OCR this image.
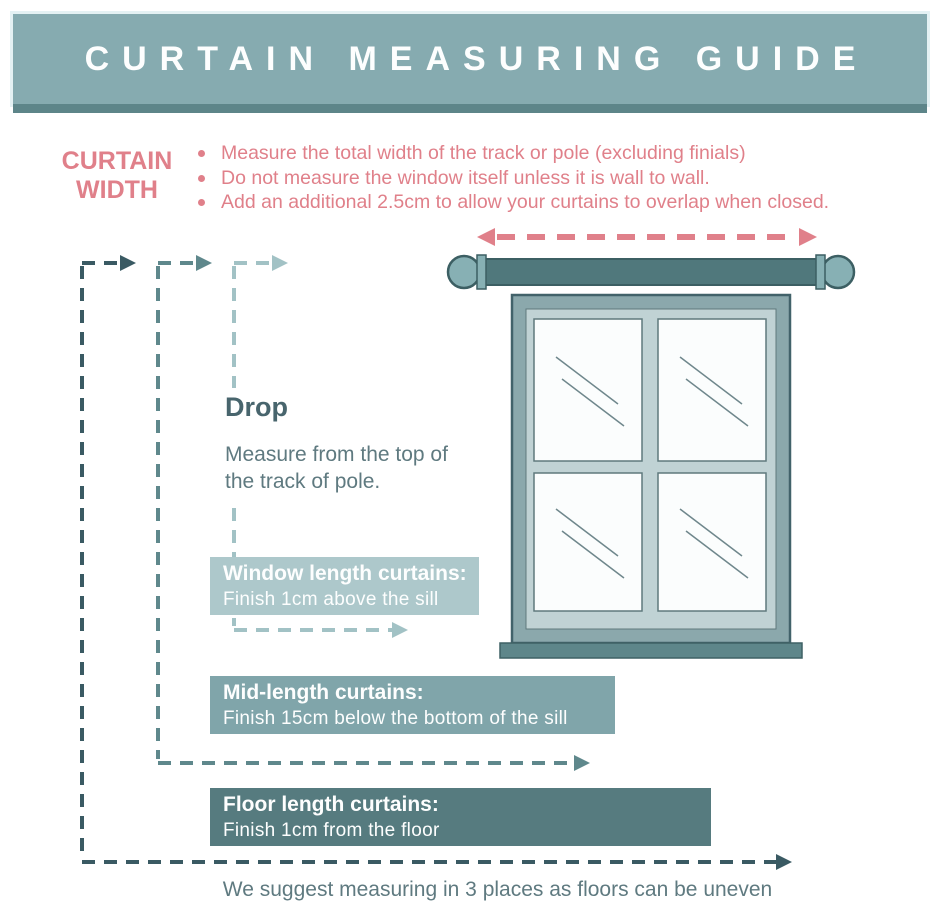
CURTAIN MEASURING GUIDE
CURTAIN WIDTH
Measure the total width of the track or pole (excluding finials)
Do not measure the window itself unless it is wall to wall.
Add an additional 2.5cm to allow your curtains to overlap when closed.
Drop
Measure from the top of the track of pole.
Window length curtains:
Finish 1cm above the sill
Mid-length curtains:
Finish 15cm below the bottom of the sill
Floor length curtains:
Finish 1cm from the floor
We suggest measuring in 3 places as floors can be uneven
